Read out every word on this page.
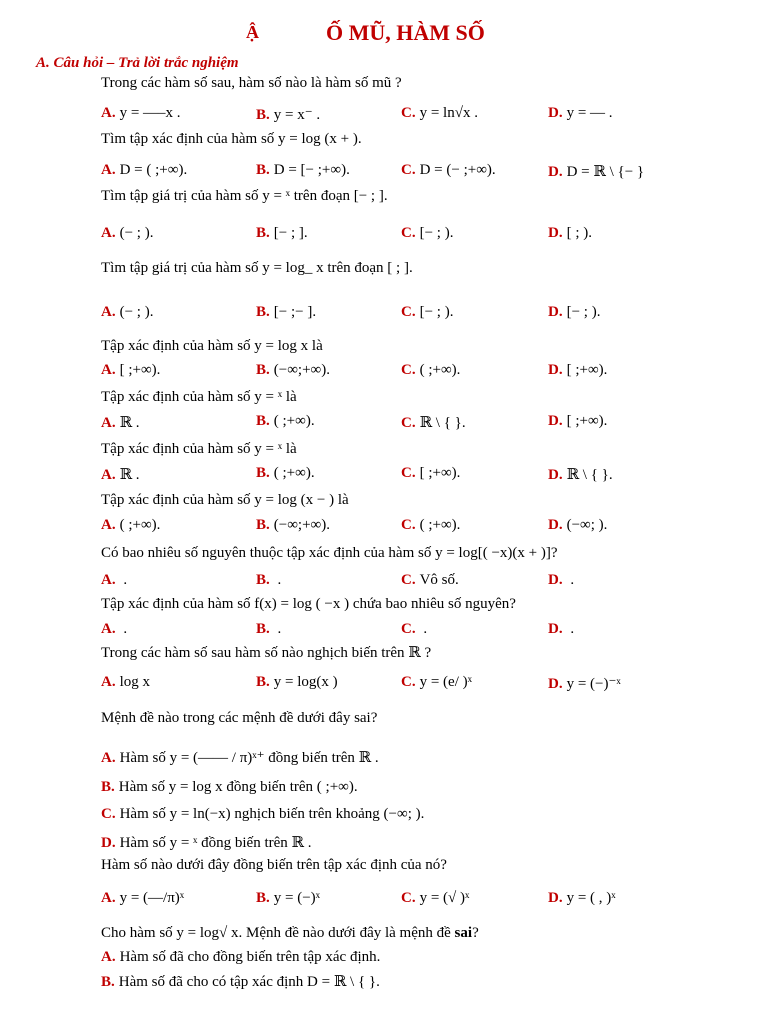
Ậ	Ố MŨ, HÀM SỐ
A. Câu hỏi – Trả lời trắc nghiệm
Trong các hàm số sau, hàm số nào là hàm số mũ ?
A. y = —–x .	B. y = x⁻ .	C. y = ln√x .	D. y = — .
Tìm tập xác định của hàm số y = log (x + ).
A. D = ( ;+∞).	B. D = [− ;+∞).	C. D = (− ;+∞).	D. D = ℝ \ {− }
Tìm tập giá trị của hàm số y = ˣ trên đoạn [− ; ].
A. (− ; ).	B. [− ; ].	C. [− ; ).	D. [ ; ).
Tìm tập giá trị của hàm số y = log_ x trên đoạn [ ; ].
A. (− ; ).	B. [− ;− ].	C. [− ; ).	D. [− ; ).
Tập xác định của hàm số y = log x là
A. [ ;+∞).	B. (−∞;+∞).	C. ( ;+∞).	D. [ ;+∞).
Tập xác định của hàm số y = ˣ là
A. ℝ .	B. ( ;+∞).	C. ℝ \ { }.	D. [ ;+∞).
Tập xác định của hàm số y = ˣ là
A. ℝ .	B. ( ;+∞).	C. [ ;+∞).	D. ℝ \ { }.
Tập xác định của hàm số y = log (x − ) là
A. ( ;+∞).	B. (−∞;+∞).	C. ( ;+∞).	D. (−∞; ).
Có bao nhiêu số nguyên thuộc tập xác định của hàm số y = log[( −x)(x + )]?
A. .	B. .	C. Vô số.	D. .
Tập xác định của hàm số f(x) = log ( −x ) chứa bao nhiêu số nguyên?
A. .	B. .	C. .	D. .
Trong các hàm số sau hàm số nào nghịch biến trên ℝ ?
A. log x	B. y = log(x )	C. y = (e/ )ˣ	D. y = (−)⁻ˣ
Mệnh đề nào trong các mệnh đề dưới đây sai?
A. Hàm số y = (—— / π)ˣ⁺ đồng biến trên ℝ .
B. Hàm số y = log x đồng biến trên ( ;+∞).
C. Hàm số y = ln(−x) nghịch biến trên khoảng (−∞; ).
D. Hàm số y = ˣ đồng biến trên ℝ .
Hàm số nào dưới đây đồng biến trên tập xác định của nó?
A. y = (—/π)ˣ	B. y = (−)ˣ	C. y = (√ )ˣ	D. y = ( , )ˣ
Cho hàm số y = log√ x. Mệnh đề nào dưới đây là mệnh đề sai?
A. Hàm số đã cho đồng biến trên tập xác định.
B. Hàm số đã cho có tập xác định D = ℝ \ { }.
